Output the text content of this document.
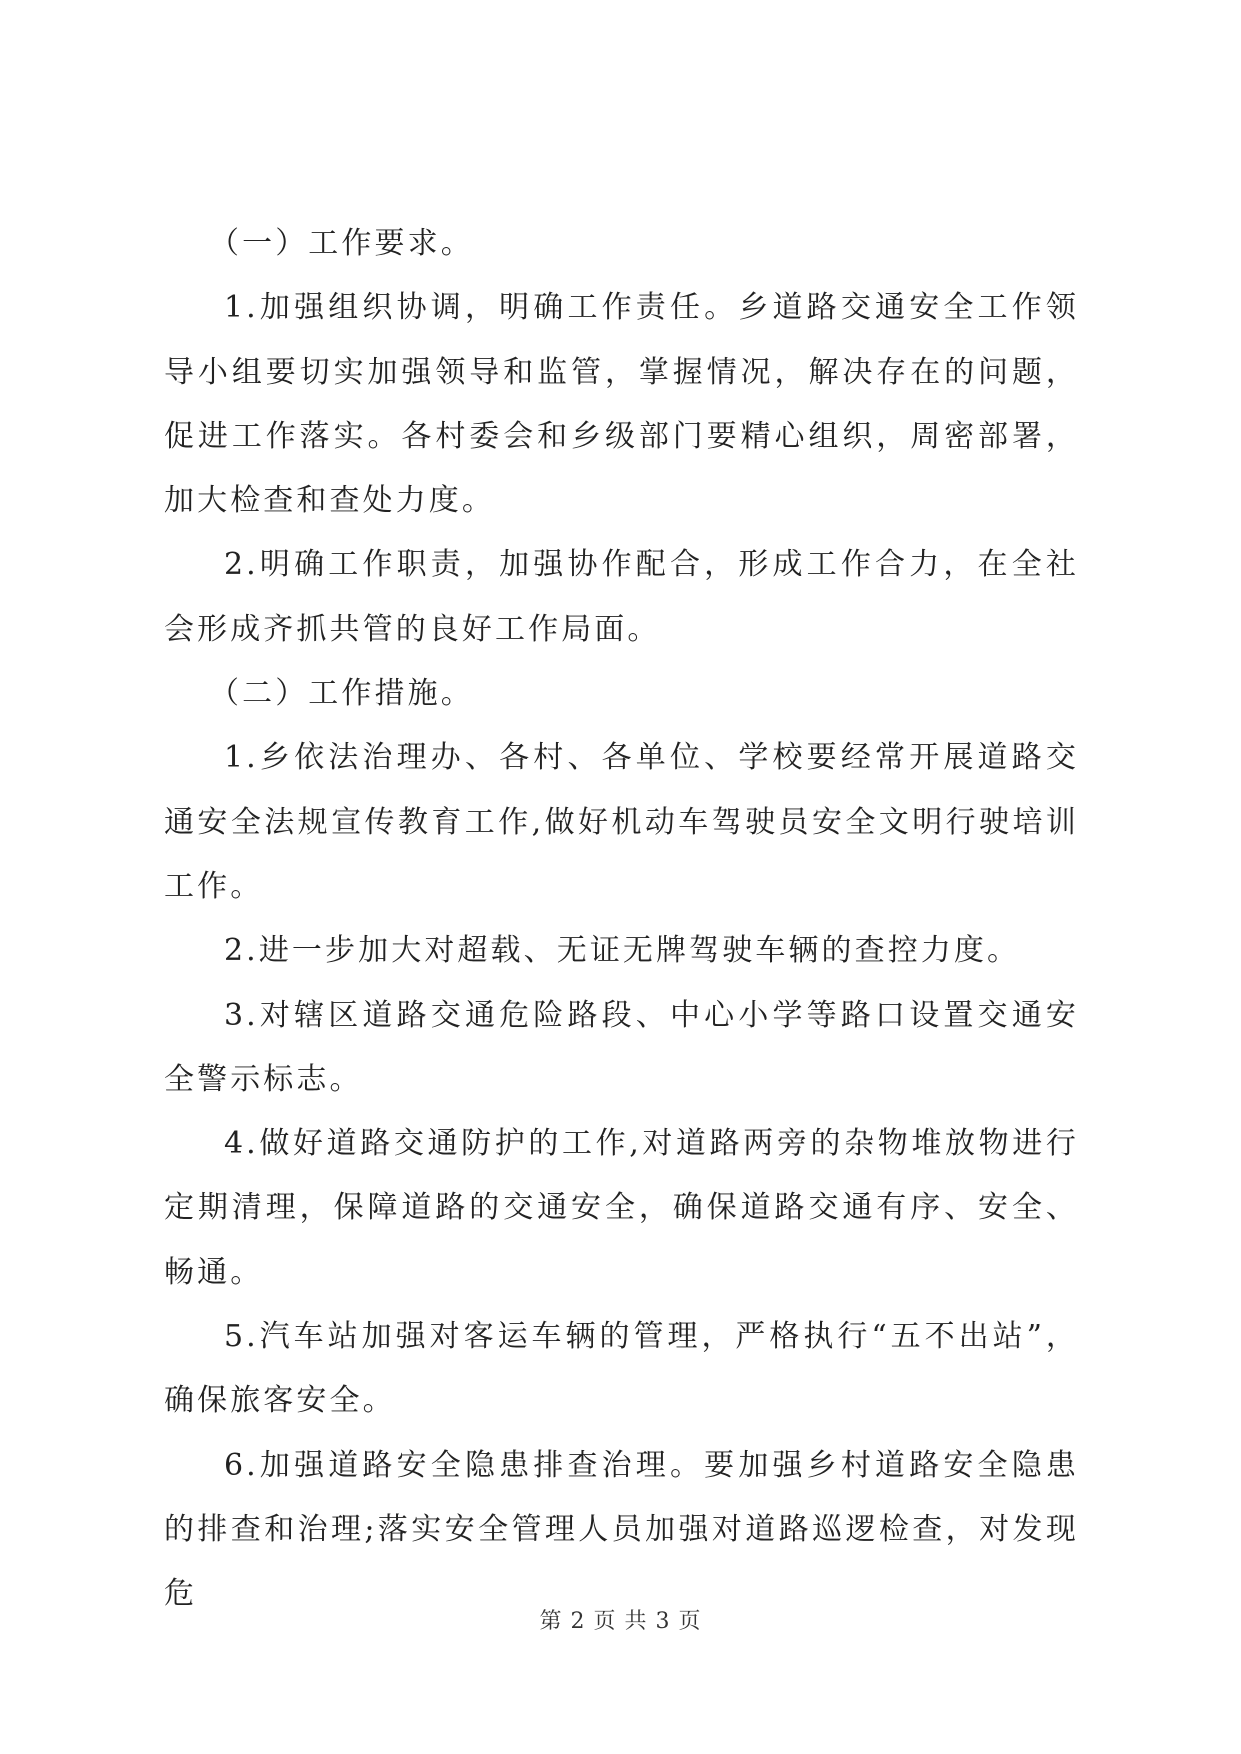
（一）工作要求。

1.加强组织协调，明确工作责任。乡道路交通安全工作领导小组要切实加强领导和监管，掌握情况，解决存在的问题，促进工作落实。各村委会和乡级部门要精心组织，周密部署，加大检查和查处力度。

2.明确工作职责，加强协作配合，形成工作合力，在全社会形成齐抓共管的良好工作局面。

（二）工作措施。

1.乡依法治理办、各村、各单位、学校要经常开展道路交通安全法规宣传教育工作,做好机动车驾驶员安全文明行驶培训工作。

2.进一步加大对超载、无证无牌驾驶车辆的查控力度。

3.对辖区道路交通危险路段、中心小学等路口设置交通安全警示标志。

4.做好道路交通防护的工作,对道路两旁的杂物堆放物进行定期清理，保障道路的交通安全，确保道路交通有序、安全、畅通。

5.汽车站加强对客运车辆的管理，严格执行“五不出站”，确保旅客安全。

6.加强道路安全隐患排查治理。要加强乡村道路安全隐患的排查和治理;落实安全管理人员加强对道路巡逻检查，对发现危

第 2 页 共 3 页
